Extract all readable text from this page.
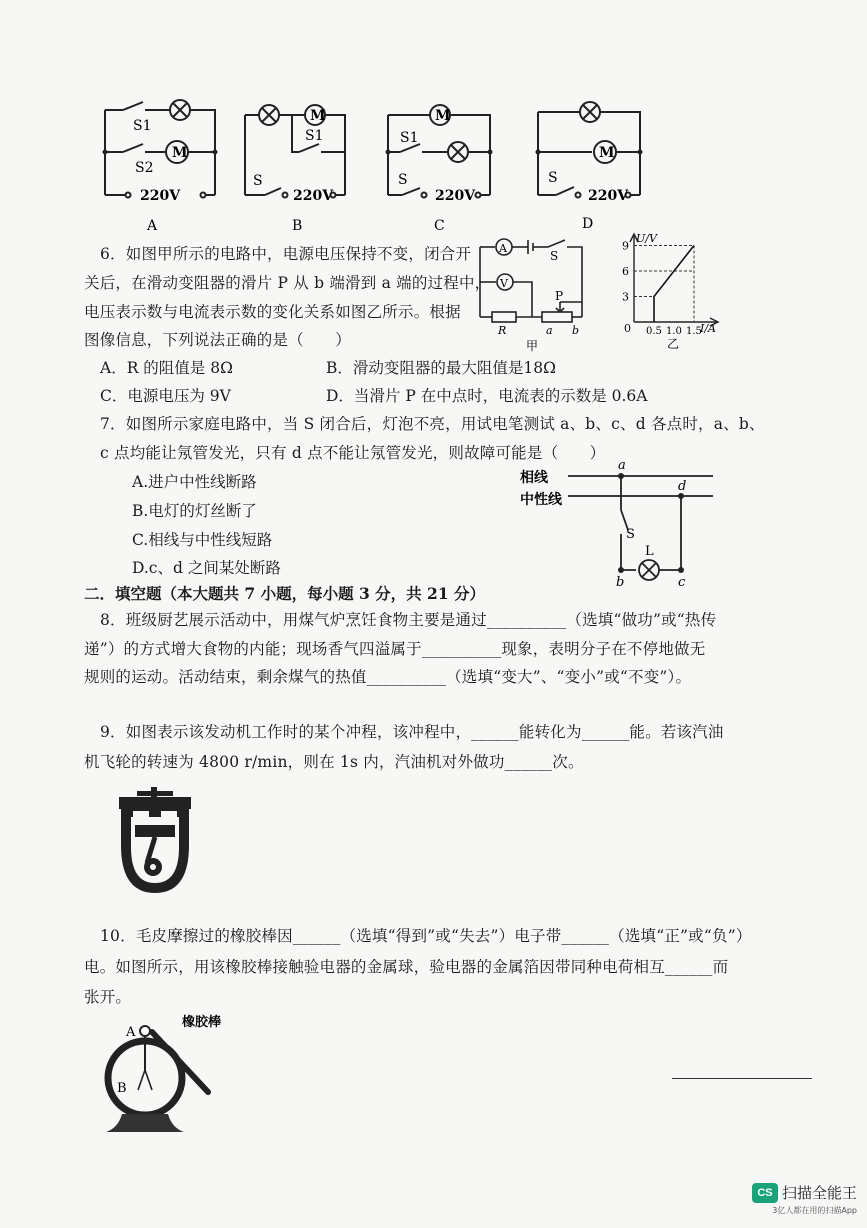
M
S1
S2
220V
A
M
S1
S
220V
B
M
S1
S
220V
C
M
S
220V
D
6．如图甲所示的电路中，电源电压保持不变，闭合开
关后，在滑动变阻器的滑片 P 从 b 端滑到 a 端的过程中，
电压表示数与电流表示数的变化关系如图乙所示。根据
图像信息，下列说法正确的是（　　）
A．R 的阻值是 8Ω	B．滑动变阻器的最大阻值是18Ω
C．电源电压为 9V	D．当滑片 P 在中点时，电流表的示数是 0.6A
A
V
S
P
R	a b
甲
3
6
9
0.5 1.0 1.5
U/V
I/A
0
乙
7．如图所示家庭电路中，当 S 闭合后，灯泡不亮，用试电笔测试 a、b、c、d 各点时，a、b、
c 点均能让氖管发光，只有 d 点不能让氖管发光，则故障可能是（　　）
A.进户中性线断路
B.电灯的灯丝断了
C.相线与中性线短路
D.c、d 之间某处断路
相线
中性线
a
d
S
L
b	c
二．填空题（本大题共 7 小题，每小题 3 分，共 21 分）
8．班级厨艺展示活动中，用煤气炉烹饪食物主要是通过__________（选填“做功”或“热传
递”）的方式增大食物的内能；现场香气四溢属于__________现象，表明分子在不停地做无
规则的运动。活动结束，剩余煤气的热值__________（选填“变大”、“变小”或“不变”）。
9．如图表示该发动机工作时的某个冲程，该冲程中，______能转化为______能。若该汽油
机飞轮的转速为 4800 r/min，则在 1s 内，汽油机对外做功______次。
10．毛皮摩擦过的橡胶棒因______（选填“得到”或“失去”）电子带______（选填“正”或“负”）
电。如图所示，用该橡胶棒接触验电器的金属球，验电器的金属箔因带同种电荷相互______而
张开。
橡胶棒
A
B
CS 扫描全能王
3亿人都在用的扫描App
